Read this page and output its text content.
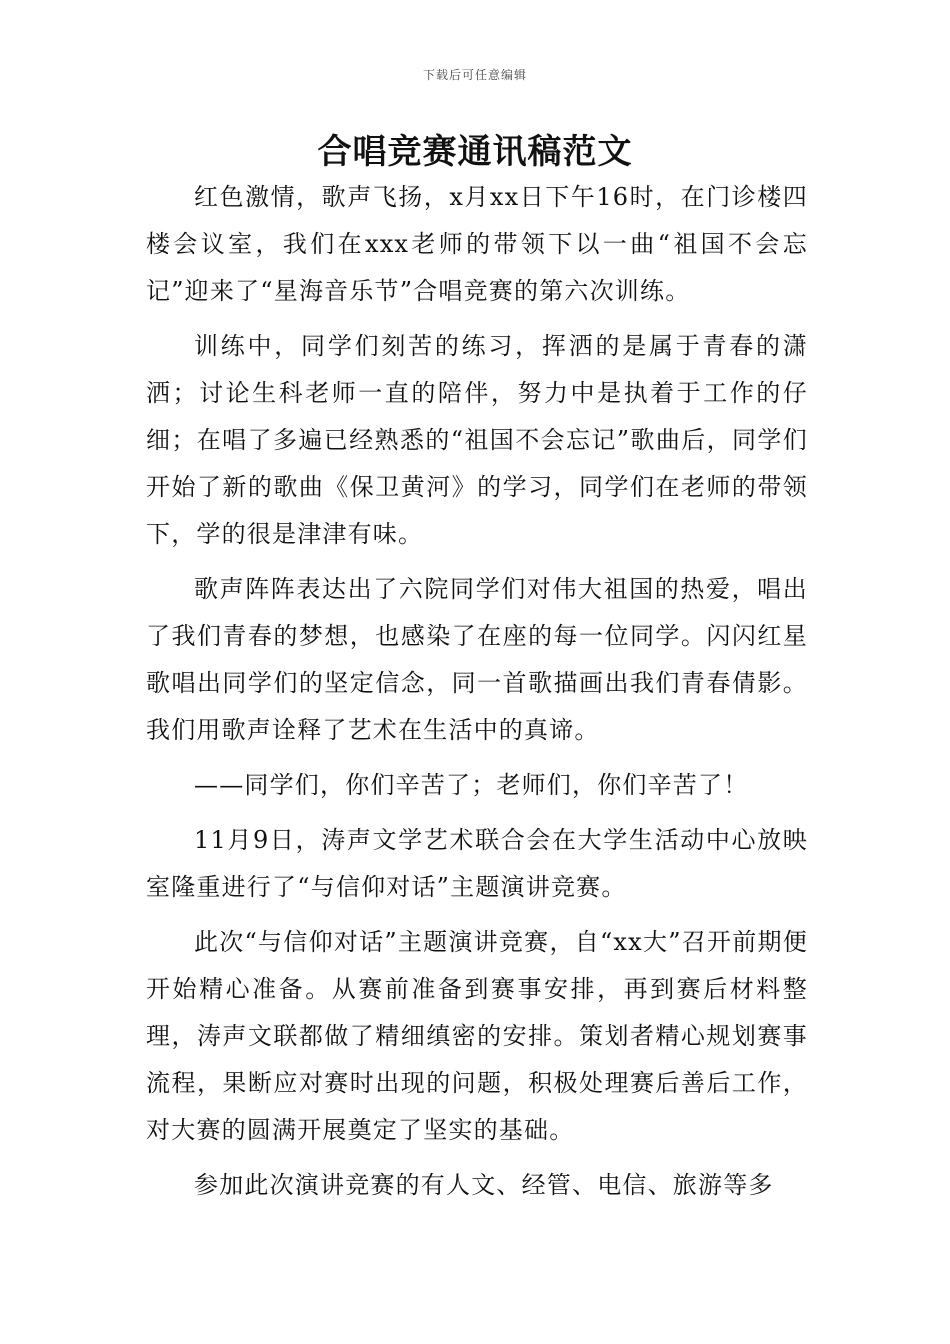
下载后可任意编辑
合唱竞赛通讯稿范文

红色激情，歌声飞扬，x月xx日下午16时，在门诊楼四楼会议室，我们在xxx老师的带领下以一曲“祖国不会忘记”迎来了“星海音乐节”合唱竞赛的第六次训练。

训练中，同学们刻苦的练习，挥洒的是属于青春的潇洒；讨论生科老师一直的陪伴，努力中是执着于工作的仔细；在唱了多遍已经熟悉的“祖国不会忘记”歌曲后，同学们开始了新的歌曲《保卫黄河》的学习，同学们在老师的带领下，学的很是津津有味。

歌声阵阵表达出了六院同学们对伟大祖国的热爱，唱出了我们青春的梦想，也感染了在座的每一位同学。闪闪红星歌唱出同学们的坚定信念，同一首歌描画出我们青春倩影。我们用歌声诠释了艺术在生活中的真谛。

——同学们，你们辛苦了；老师们，你们辛苦了！

11月9日，涛声文学艺术联合会在大学生活动中心放映室隆重进行了“与信仰对话”主题演讲竞赛。

此次“与信仰对话”主题演讲竞赛，自“xx大”召开前期便开始精心准备。从赛前准备到赛事安排，再到赛后材料整理，涛声文联都做了精细缜密的安排。策划者精心规划赛事流程，果断应对赛时出现的问题，积极处理赛后善后工作，对大赛的圆满开展奠定了坚实的基础。

参加此次演讲竞赛的有人文、经管、电信、旅游等多
